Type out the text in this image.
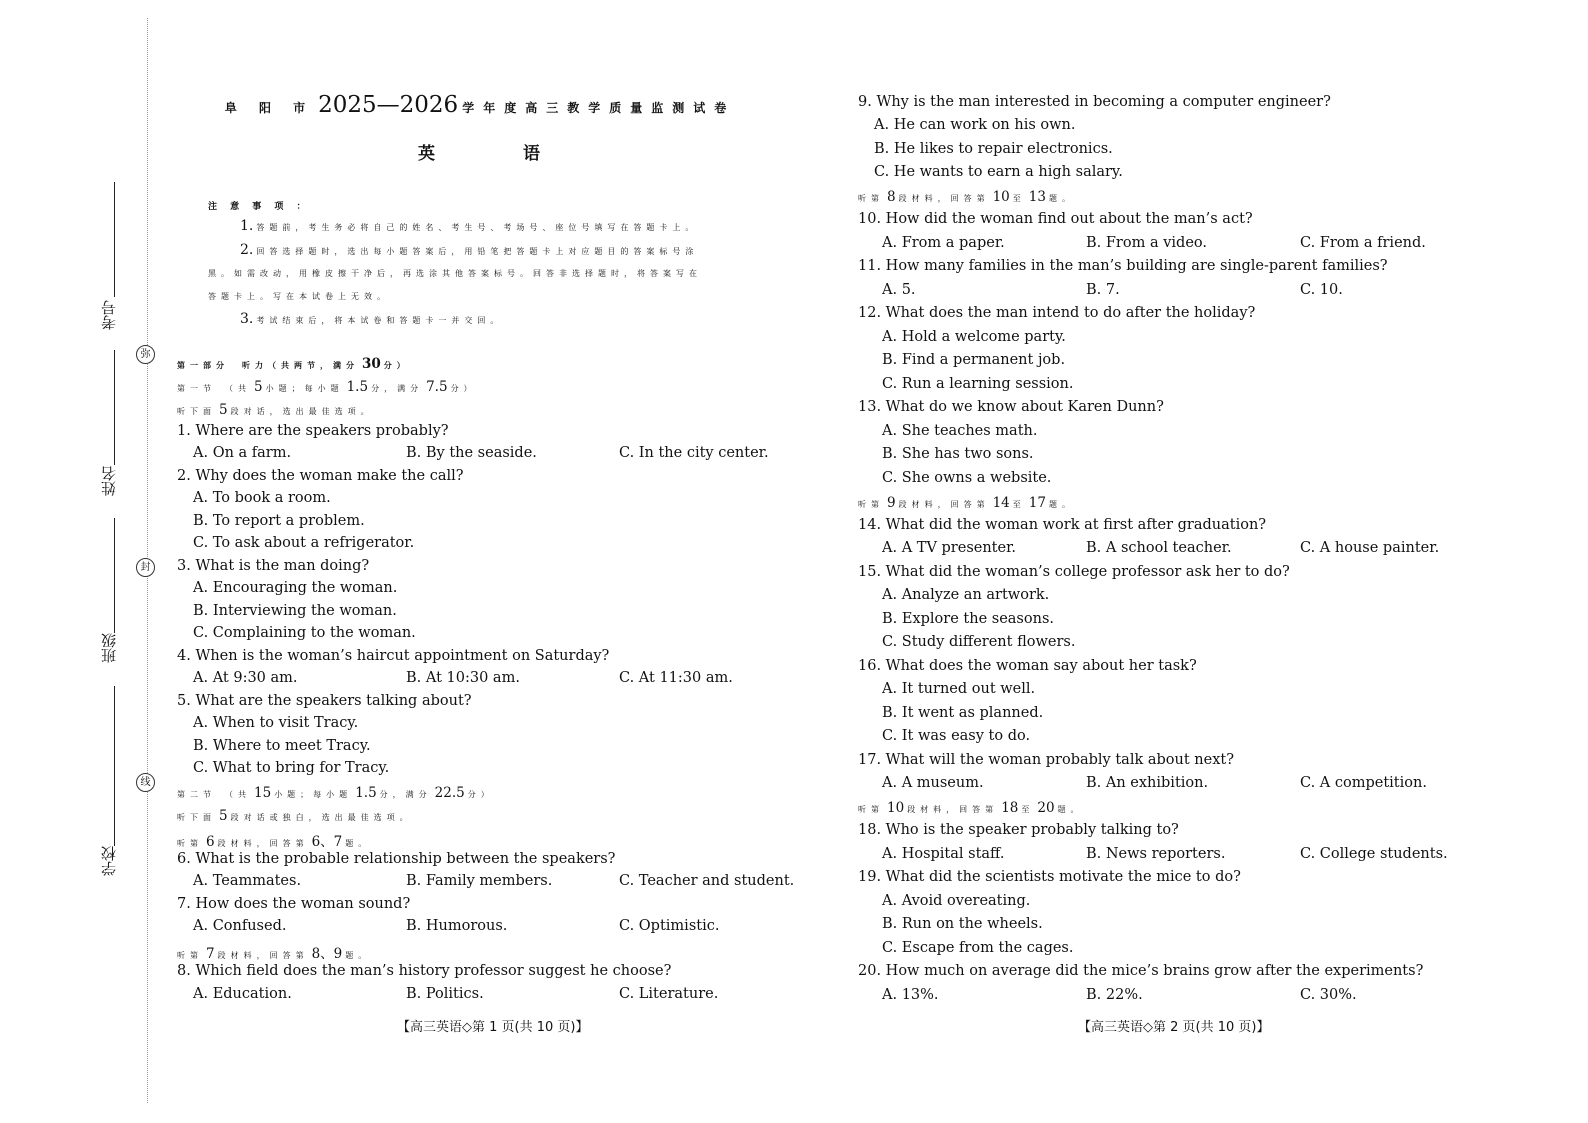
考号
姓名
班级
学校
弥
封
线
阜 阳 市 2025—2026 学年度高三教学质量监测试卷
英	语
注 意 事 项 ：
1. 答题前，考生务必将自己的姓名、考生号、考场号、座位号填写在答题卡上。
2. 回答选择题时，选出每小题答案后，用铅笔把答题卡上对应题目的答案标号涂
黑。如需改动，用橡皮擦干净后，再选涂其他答案标号。回答非选择题时，将答案写在
答题卡上。写在本试卷上无效。
3. 考试结束后，将本试卷和答题卡一并交回。
第一部分　听力（共两节，满分 30 分）
第一节　（共 5 小题；每小题 1.5 分，满分 7.5 分）
听下面 5 段对话，选出最佳选项。
1. Where are the speakers probably?
A. On a farm.	B. By the seaside.	C. In the city center.
2. Why does the woman make the call?
A. To book a room.
B. To report a problem.
C. To ask about a refrigerator.
3. What is the man doing?
A. Encouraging the woman.
B. Interviewing the woman.
C. Complaining to the woman.
4. When is the woman’s haircut appointment on Saturday?
A. At 9:30 am.	B. At 10:30 am.	C. At 11:30 am.
5. What are the speakers talking about?
A. When to visit Tracy.
B. Where to meet Tracy.
C. What to bring for Tracy.
第二节　（共 15 小题；每小题 1.5 分，满分 22.5 分）
听下面 5 段对话或独白，选出最佳选项。
听第 6 段材料，回答第 6、7 题。
6. What is the probable relationship between the speakers?
A. Teammates.	B. Family members.	C. Teacher and student.
7. How does the woman sound?
A. Confused.	B. Humorous.	C. Optimistic.
听第 7 段材料，回答第 8、9 题。
8. Which field does the man’s history professor suggest he choose?
A. Education.	B. Politics.	C. Literature.
【高三英语◇第 1 页(共 10 页)】
9. Why is the man interested in becoming a computer engineer?
A. He can work on his own.
B. He likes to repair electronics.
C. He wants to earn a high salary.
听第 8 段材料，回答第 10 至 13 题。
10. How did the woman find out about the man’s act?
A. From a paper.	B. From a video.	C. From a friend.
11. How many families in the man’s building are single-parent families?
A. 5.	B. 7.	C. 10.
12. What does the man intend to do after the holiday?
A. Hold a welcome party.
B. Find a permanent job.
C. Run a learning session.
13. What do we know about Karen Dunn?
A. She teaches math.
B. She has two sons.
C. She owns a website.
听第 9 段材料，回答第 14 至 17 题。
14. What did the woman work at first after graduation?
A. A TV presenter.	B. A school teacher.	C. A house painter.
15. What did the woman’s college professor ask her to do?
A. Analyze an artwork.
B. Explore the seasons.
C. Study different flowers.
16. What does the woman say about her task?
A. It turned out well.
B. It went as planned.
C. It was easy to do.
17. What will the woman probably talk about next?
A. A museum.	B. An exhibition.	C. A competition.
听第 10 段材料，回答第 18 至 20 题。
18. Who is the speaker probably talking to?
A. Hospital staff.	B. News reporters.	C. College students.
19. What did the scientists motivate the mice to do?
A. Avoid overeating.
B. Run on the wheels.
C. Escape from the cages.
20. How much on average did the mice’s brains grow after the experiments?
A. 13%.	B. 22%.	C. 30%.
【高三英语◇第 2 页(共 10 页)】
